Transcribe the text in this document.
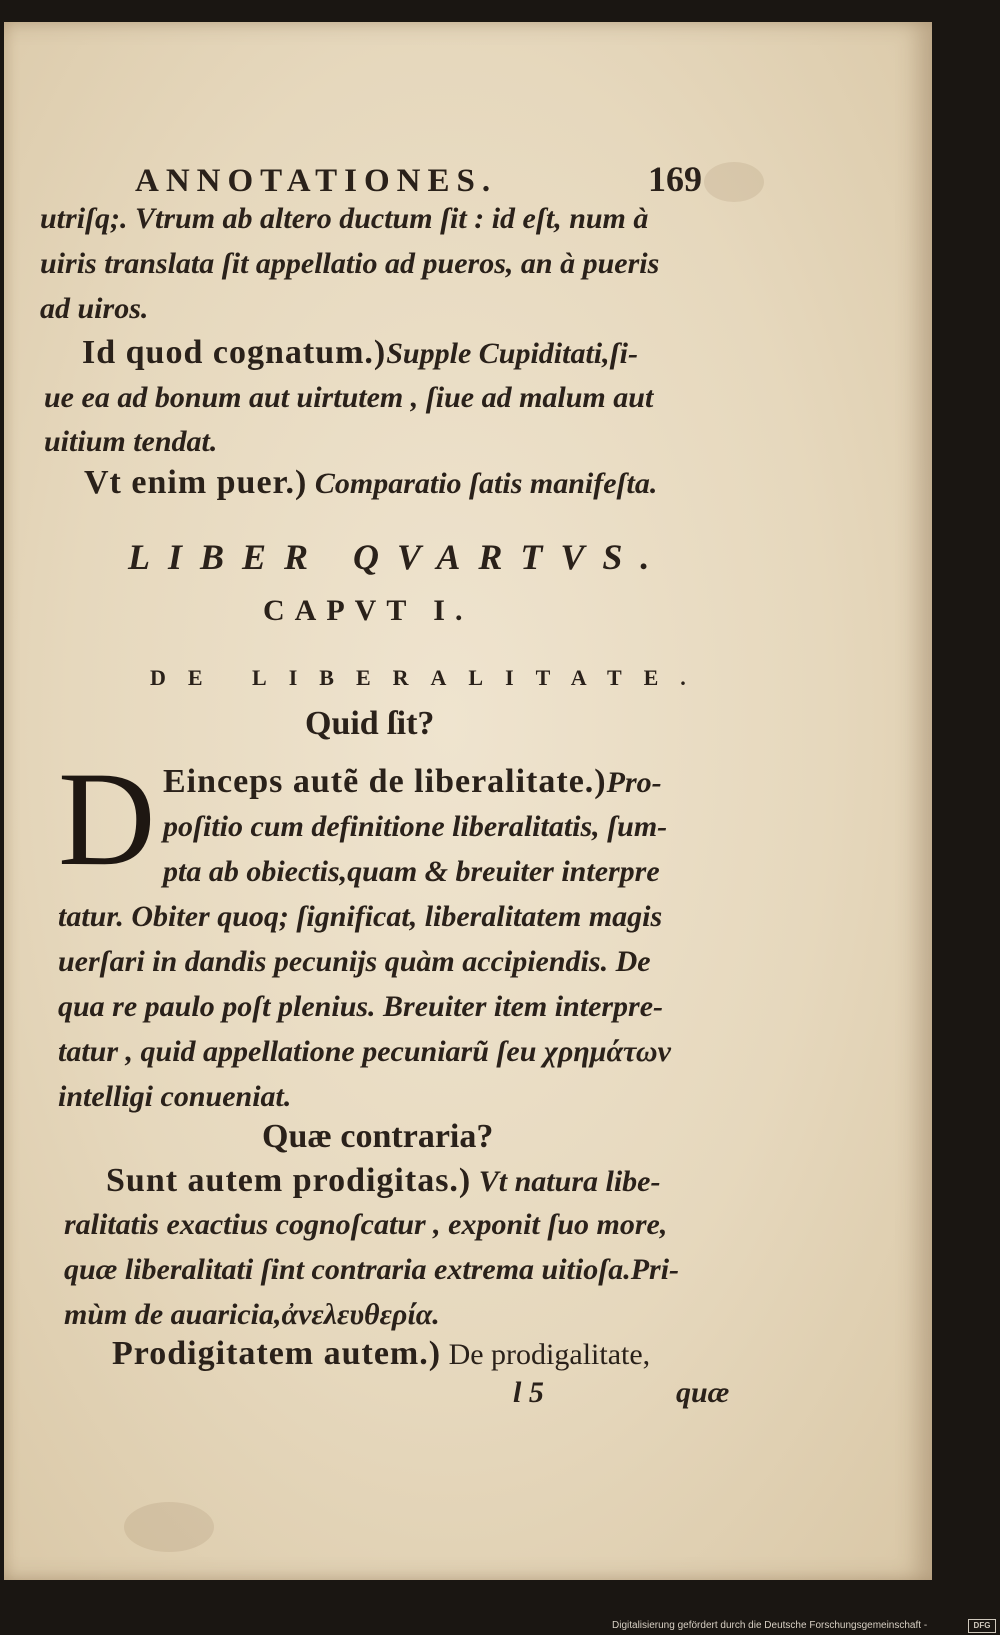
ANNOTATIONES.	169
utriſq;. Vtrum ab altero ductum ſit : id eſt, num à
uiris translata ſit appellatio ad pueros, an à pueris
ad uiros.
Id quod cognatum.)Supple Cupiditati,ſi-
ue ea ad bonum aut uirtutem , ſiue ad malum aut
uitium tendat.
Vt enim puer.) Comparatio ſatis manifeſta.
LIBER QVARTVS.
CAPVT I.
DE LIBERALITATE.
Quid ſit?
D Einceps autẽ de liberalitate.)Pro-
poſitio cum definitione liberalitatis, ſum-
pta ab obiectis,quam & breuiter interpre
tatur. Obiter quoq; ſignificat, liberalitatem magis
uerſari in dandis pecunijs quàm accipiendis. De
qua re paulo poſt plenius. Breuiter item interpre-
tatur , quid appellatione pecuniarũ ſeu χρημάτων
intelligi conueniat.
Quæ contraria?
Sunt autem prodigitas.) Vt natura libe-
ralitatis exactius cognoſcatur , exponit ſuo more,
quæ liberalitati ſint contraria extrema uitioſa.Pri-
mùm de auaricia,ἀνελευθερία.
Prodigitatem autem.) De prodigalitate,
l 5	quæ
Digitalisierung gefördert durch die Deutsche Forschungsgemeinschaft -	DFG
